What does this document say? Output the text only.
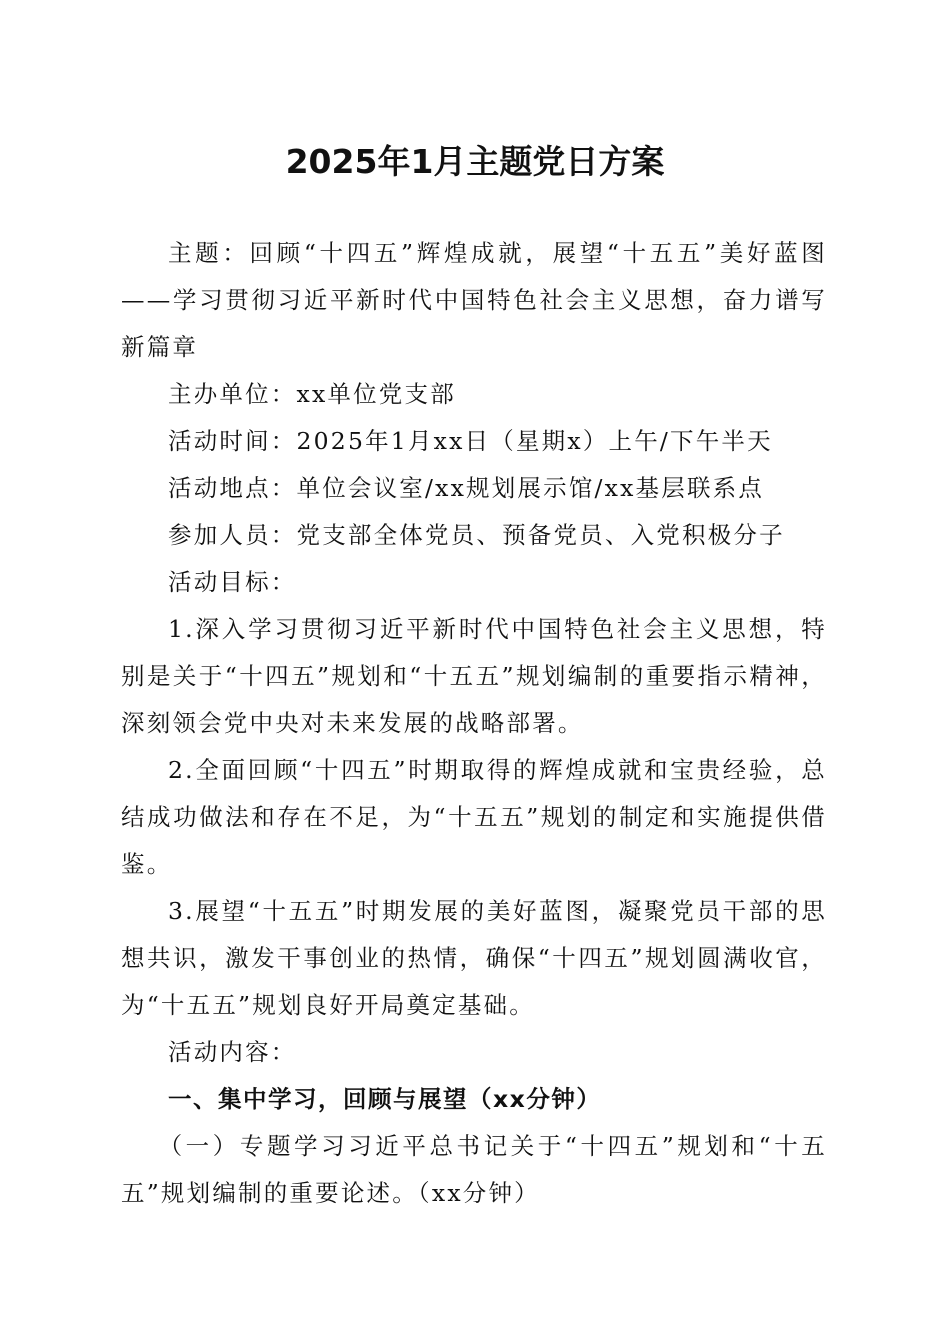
2025年1月主题党日方案

主题：回顾“十四五”辉煌成就，展望“十五五”美好蓝图——学习贯彻习近平新时代中国特色社会主义思想，奋力谱写新篇章

主办单位：xx单位党支部

活动时间：2025年1月xx日（星期x）上午/下午半天

活动地点：单位会议室/xx规划展示馆/xx基层联系点

参加人员：党支部全体党员、预备党员、入党积极分子

活动目标：

1.深入学习贯彻习近平新时代中国特色社会主义思想，特别是关于“十四五”规划和“十五五”规划编制的重要指示精神，深刻领会党中央对未来发展的战略部署。

2.全面回顾“十四五”时期取得的辉煌成就和宝贵经验，总结成功做法和存在不足，为“十五五”规划的制定和实施提供借鉴。

3.展望“十五五”时期发展的美好蓝图，凝聚党员干部的思想共识，激发干事创业的热情，确保“十四五”规划圆满收官，为“十五五”规划良好开局奠定基础。

活动内容：

一、集中学习，回顾与展望（xx分钟）

（一）专题学习习近平总书记关于“十四五”规划和“十五五”规划编制的重要论述。（xx分钟）
